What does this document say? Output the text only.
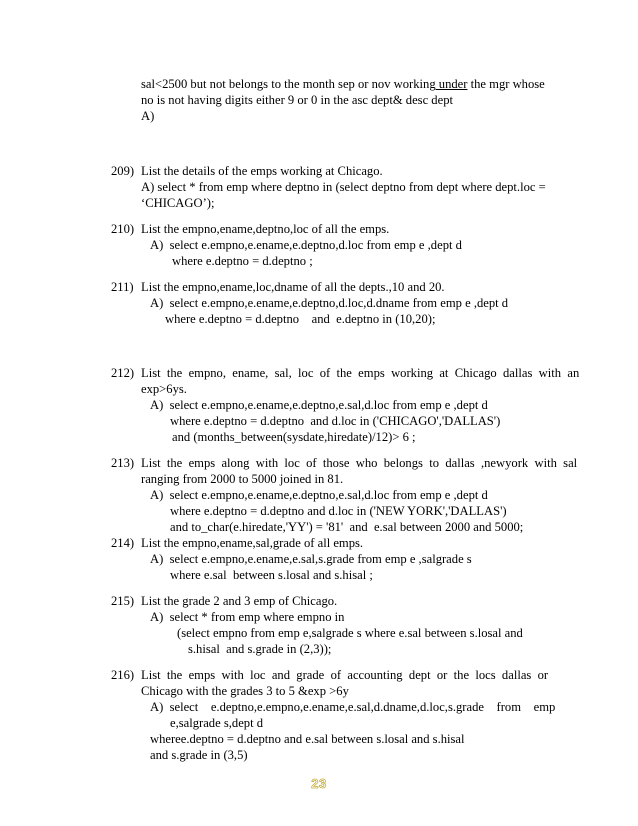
sal<2500 but not belongs to the month sep or nov working under the mgr whose
no is not having digits either 9 or 0 in the asc dept& desc dept
A)
209) List the details of the emps working at Chicago.
A) select * from emp where deptno in (select deptno from dept where dept.loc =
‘CHICAGO’);
210) List the empno,ename,deptno,loc of all the emps.
A)  select e.empno,e.ename,e.deptno,d.loc from emp e ,dept d
where e.deptno = d.deptno ;
211) List the empno,ename,loc,dname of all the depts.,10 and 20.
A)  select e.empno,e.ename,e.deptno,d.loc,d.dname from emp e ,dept d
where e.deptno = d.deptno    and  e.deptno in (10,20);
212) List  the  empno,  ename,  sal,  loc  of  the  emps  working  at  Chicago  dallas  with  an
exp>6ys.
A)  select e.empno,e.ename,e.deptno,e.sal,d.loc from emp e ,dept d
where e.deptno = d.deptno  and d.loc in ('CHICAGO','DALLAS')
and (months_between(sysdate,hiredate)/12)> 6 ;
213) List  the  emps  along  with  loc  of  those  who  belongs  to  dallas  ,newyork  with  sal
ranging from 2000 to 5000 joined in 81.
A)  select e.empno,e.ename,e.deptno,e.sal,d.loc from emp e ,dept d
where e.deptno = d.deptno and d.loc in ('NEW YORK','DALLAS')
and to_char(e.hiredate,'YY') = '81'  and  e.sal between 2000 and 5000;
214) List the empno,ename,sal,grade of all emps.
A)  select e.empno,e.ename,e.sal,s.grade from emp e ,salgrade s
where e.sal  between s.losal and s.hisal ;
215) List the grade 2 and 3 emp of Chicago.
A)  select * from emp where empno in
(select empno from emp e,salgrade s where e.sal between s.losal and
s.hisal  and s.grade in (2,3));
216) List  the  emps  with  loc  and  grade  of  accounting  dept  or  the  locs  dallas  or
Chicago with the grades 3 to 5 &exp >6y
A)  select    e.deptno,e.empno,e.ename,e.sal,d.dname,d.loc,s.grade    from    emp
e,salgrade s,dept d
wheree.deptno = d.deptno and e.sal between s.losal and s.hisal
and s.grade in (3,5)
23
